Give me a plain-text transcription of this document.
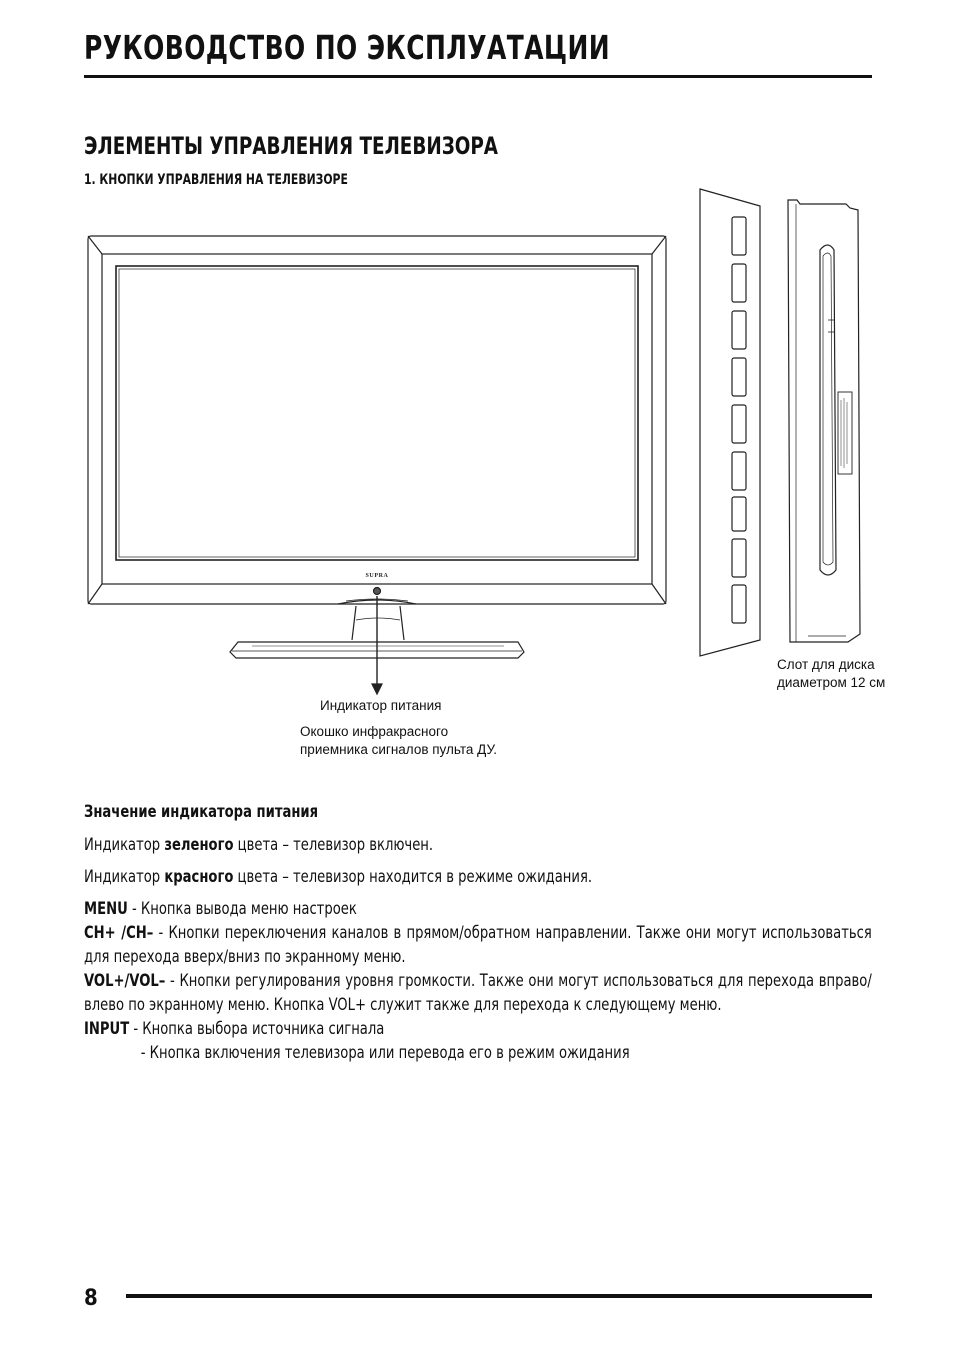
РУКОВОДСТВО ПО ЭКСПЛУАТАЦИИ
ЭЛЕМЕНТЫ УПРАВЛЕНИЯ ТЕЛЕВИЗОРА
1. КНОПКИ УПРАВЛЕНИЯ НА ТЕЛЕВИЗОРЕ
SUPRA
Индикатор питания
Окошко инфракрасного
приемника сигналов пульта ДУ.
Слот для диска
диаметром 12 см

Значение индикатора питания

Индикатор зеленого цвета – телевизор включен.

Индикатор красного цвета – телевизор находится в режиме ожидания.

MENU - Кнопка вывода меню настроек

CH+ /CH– - Кнопки переключения каналов в прямом/обратном направлении. Также они могут использоваться для перехода вверх/вниз по экранному меню.

VOL+/VOL– - Кнопки регулирования уровня громкости. Также они могут использоваться для перехода вправо/влево по экранному меню. Кнопка VOL+ служит также для перехода к следующему меню.

INPUT - Кнопка выбора источника сигнала

- Кнопка включения телевизора или перевода его в режим ожидания

8
